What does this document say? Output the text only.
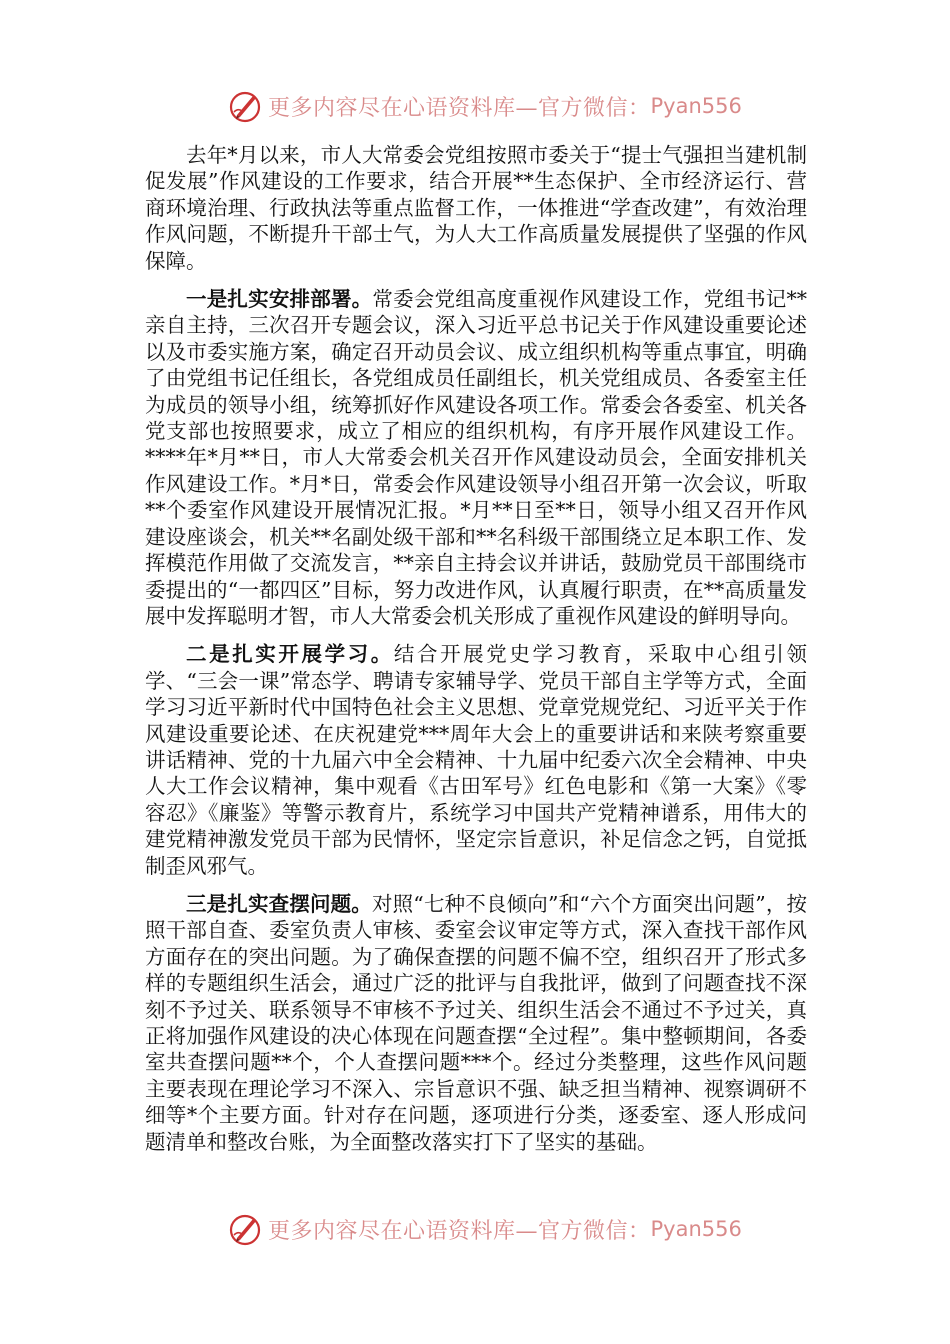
更多内容尽在心语资料库—官方微信： Pyan556

去年*月以来，市人大常委会党组按照市委关于“提士气强担当建机制促发展”作风建设的工作要求，结合开展**生态保护、全市经济运行、营商环境治理、行政执法等重点监督工作，一体推进“学查改建”，有效治理作风问题，不断提升干部士气，为人大工作高质量发展提供了坚强的作风保障。

一是扎实安排部署。常委会党组高度重视作风建设工作，党组书记**亲自主持，三次召开专题会议，深入习近平总书记关于作风建设重要论述以及市委实施方案，确定召开动员会议、成立组织机构等重点事宜，明确了由党组书记任组长，各党组成员任副组长，机关党组成员、各委室主任为成员的领导小组，统筹抓好作风建设各项工作。常委会各委室、机关各党支部也按照要求，成立了相应的组织机构，有序开展作风建设工作。****年*月**日，市人大常委会机关召开作风建设动员会，全面安排机关作风建设工作。*月*日，常委会作风建设领导小组召开第一次会议，听取**个委室作风建设开展情况汇报。*月**日至**日，领导小组又召开作风建设座谈会，机关**名副处级干部和**名科级干部围绕立足本职工作、发挥模范作用做了交流发言，**亲自主持会议并讲话，鼓励党员干部围绕市委提出的“一都四区”目标，努力改进作风，认真履行职责，在**高质量发展中发挥聪明才智，市人大常委会机关形成了重视作风建设的鲜明导向。

二是扎实开展学习。结合开展党史学习教育，采取中心组引领学、“三会一课”常态学、聘请专家辅导学、党员干部自主学等方式，全面学习习近平新时代中国特色社会主义思想、党章党规党纪、习近平关于作风建设重要论述、在庆祝建党***周年大会上的重要讲话和来陕考察重要讲话精神、党的十九届六中全会精神、十九届中纪委六次全会精神、中央人大工作会议精神，集中观看《古田军号》红色电影和《第一大案》《零容忍》《廉鉴》等警示教育片，系统学习中国共产党精神谱系，用伟大的建党精神激发党员干部为民情怀，坚定宗旨意识，补足信念之钙，自觉抵制歪风邪气。

三是扎实查摆问题。对照“七种不良倾向”和“六个方面突出问题”，按照干部自查、委室负责人审核、委室会议审定等方式，深入查找干部作风方面存在的突出问题。为了确保查摆的问题不偏不空，组织召开了形式多样的专题组织生活会，通过广泛的批评与自我批评，做到了问题查找不深刻不予过关、联系领导不审核不予过关、组织生活会不通过不予过关，真正将加强作风建设的决心体现在问题查摆“全过程”。集中整顿期间，各委室共查摆问题**个，个人查摆问题***个。经过分类整理，这些作风问题主要表现在理论学习不深入、宗旨意识不强、缺乏担当精神、视察调研不细等*个主要方面。针对存在问题，逐项进行分类，逐委室、逐人形成问题清单和整改台账，为全面整改落实打下了坚实的基础。

更多内容尽在心语资料库—官方微信： Pyan556
